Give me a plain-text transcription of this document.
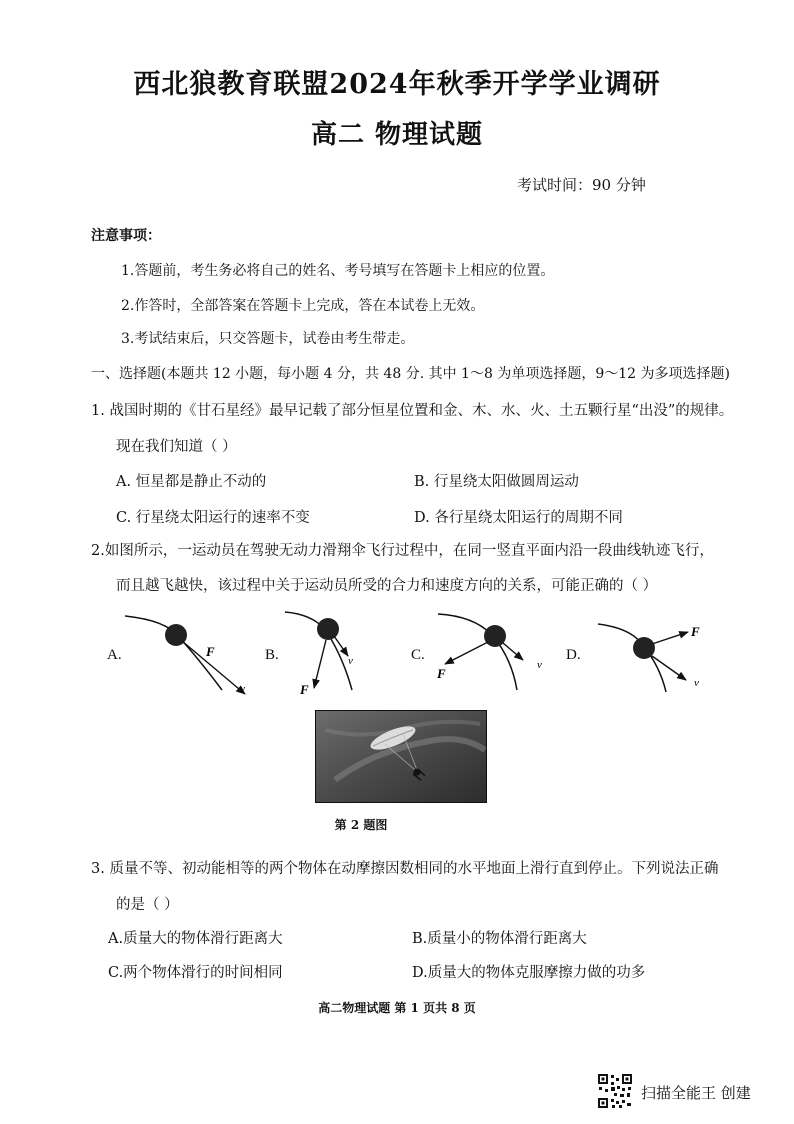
西北狼教育联盟2024年秋季开学学业调研
高二 物理试题
考试时间：90 分钟
注意事项：
1.答题前，考生务必将自己的姓名、考号填写在答题卡上相应的位置。
2.作答时，全部答案在答题卡上完成，答在本试卷上无效。
3.考试结束后，只交答题卡，试卷由考生带走。
一、选择题(本题共 12 小题，每小题 4 分，共 48 分. 其中 1～8 为单项选择题，9～12 为多项选择题)
1. 战国时期的《甘石星经》最早记载了部分恒星位置和金、木、水、火、土五颗行星“出没”的规律。
现在我们知道（ ）
A. 恒星都是静止不动的	B. 行星绕太阳做圆周运动
C. 行星绕太阳运行的速率不变	D. 各行星绕太阳运行的周期不同
2.如图所示，一运动员在驾驶无动力滑翔伞飞行过程中，在同一竖直平面内沿一段曲线轨迹飞行，
而且越飞越快，该过程中关于运动员所受的合力和速度方向的关系，可能正确的（ ）
A.	B.	C.	D.
F
v
v
F
v
F
F
v
第 2 题图
3. 质量不等、初动能相等的两个物体在动摩擦因数相同的水平地面上滑行直到停止。下列说法正确
的是（ ）
A.质量大的物体滑行距离大	B.质量小的物体滑行距离大
C.两个物体滑行的时间相同	D.质量大的物体克服摩擦力做的功多
高二物理试题 第 1 页共 8 页
扫描全能王 创建
